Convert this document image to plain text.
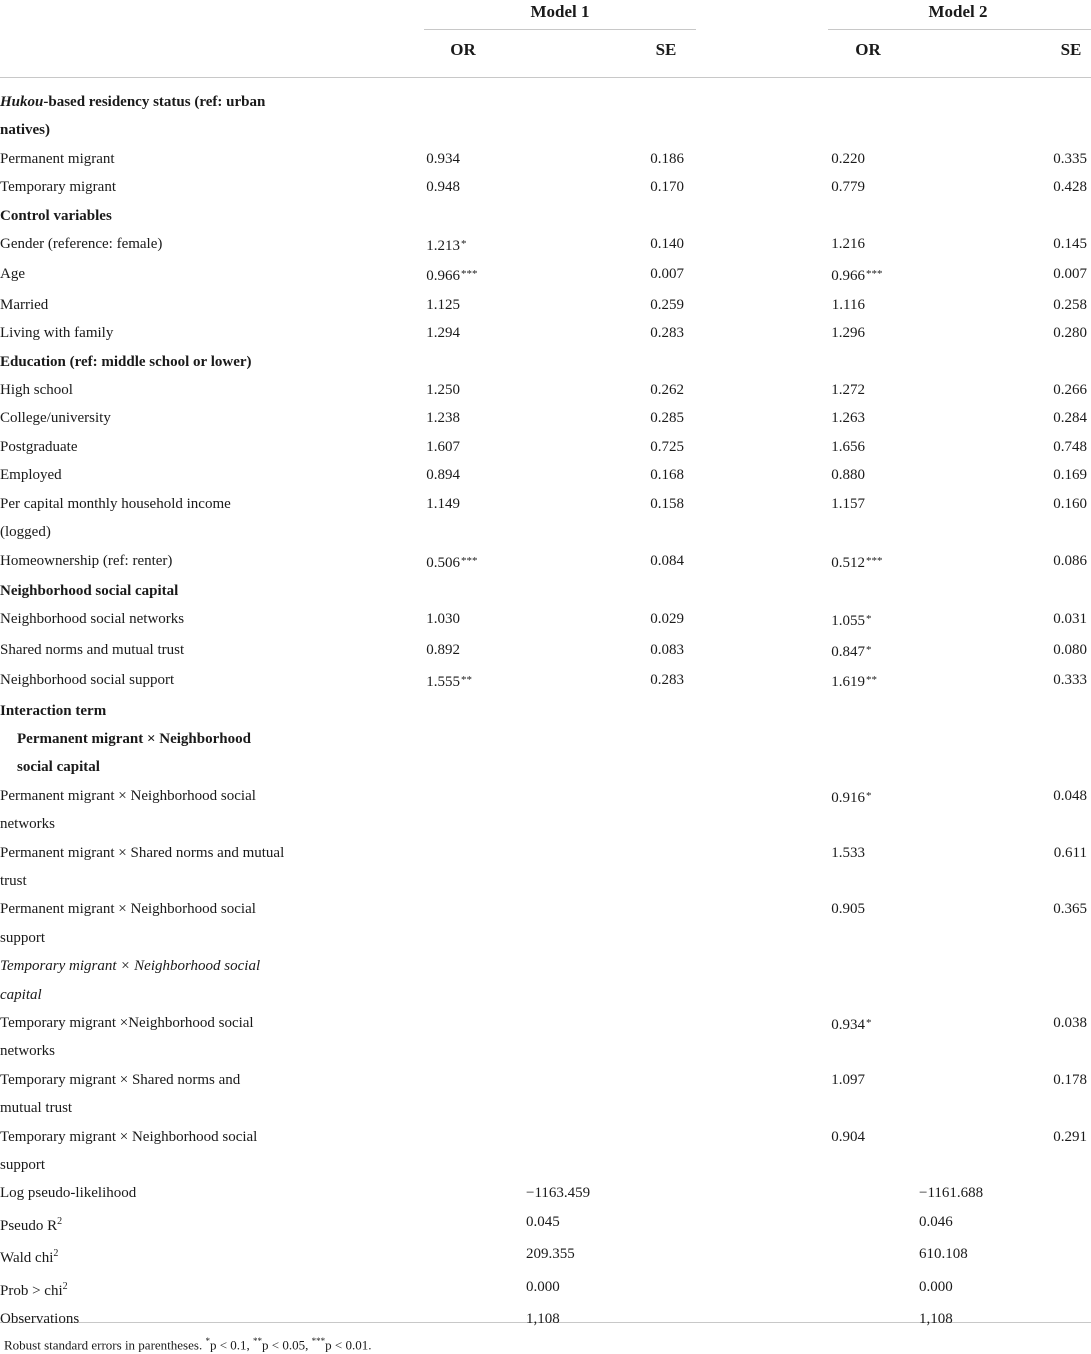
Model 1	Model 2
OR	SE	OR	SE
Hukou-based residency status (ref: urban natives)				
Permanent migrant	0.934	0.186	0.220	0.335
Temporary migrant	0.948	0.170	0.779	0.428
Control variables				
Gender (reference: female)	1.213*	0.140	1.216	0.145
Age	0.966***	0.007	0.966***	0.007
Married	1.125	0.259	1.116	0.258
Living with family	1.294	0.283	1.296	0.280
Education (ref: middle school or lower)				
High school	1.250	0.262	1.272	0.266
College/university	1.238	0.285	1.263	0.284
Postgraduate	1.607	0.725	1.656	0.748
Employed	0.894	0.168	0.880	0.169
Per capital monthly household income (logged)	1.149	0.158	1.157	0.160
Homeownership (ref: renter)	0.506***	0.084	0.512***	0.086
Neighborhood social capital				
Neighborhood social networks	1.030	0.029	1.055*	0.031
Shared norms and mutual trust	0.892	0.083	0.847*	0.080
Neighborhood social support	1.555**	0.283	1.619**	0.333
Interaction term				
Permanent migrant × Neighborhood social capital				
Permanent migrant × Neighborhood social networks			0.916*	0.048
Permanent migrant × Shared norms and mutual trust			1.533	0.611
Permanent migrant × Neighborhood social support			0.905	0.365
Temporary migrant × Neighborhood social capital				
Temporary migrant ×Neighborhood social networks			0.934*	0.038
Temporary migrant × Shared norms and mutual trust			1.097	0.178
Temporary migrant × Neighborhood social support			0.904	0.291
Log pseudo-likelihood	−1163.459		−1161.688	
Pseudo $R^2$	0.045		0.046	
Wald chi$^2$	209.355		610.108	
Prob > chi$^2$	0.000		0.000	
Observations	1,108		1,108	
Robust standard errors in parentheses. *p < 0.1, **p < 0.05, ***p < 0.01.
